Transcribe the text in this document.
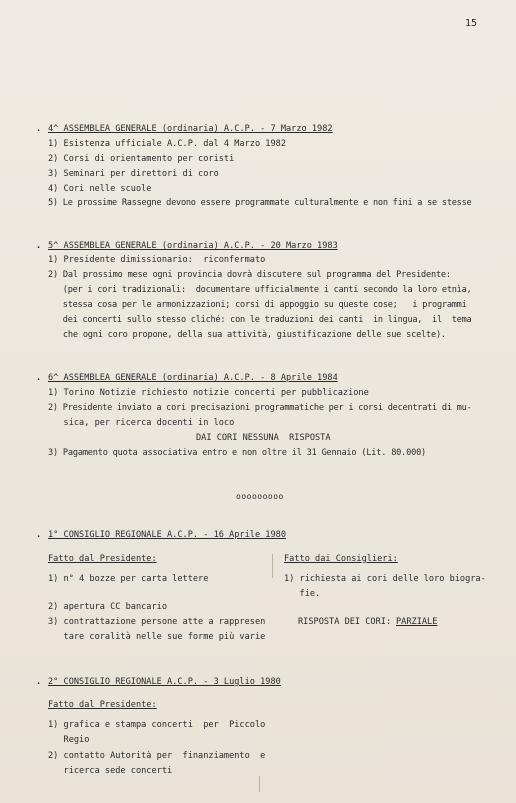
15
. 4^ ASSEMBLEA GENERALE (ordinaria) A.C.P. - 7 Marzo 1982
1) Esistenza ufficiale A.C.P. dal 4 Marzo 1982
2) Corsi di orientamento per coristi
3) Seminari per direttori di coro
4) Cori nelle scuole
5) Le prossime Rassegne devono essere programmate culturalmente e non fini a se stesse
. 5^ ASSEMBLEA GENERALE (ordinaria) A.C.P. - 20 Marzo 1983
1) Presidente dimissionario:  riconfermato
2) Dal prossimo mese ogni provincia dovrà discutere sul programma del Presidente:
(per i cori tradizionali:  documentare ufficialmente i canti secondo la loro etnìa,
stessa cosa per le armonizzazioni; corsi di appoggio su queste cose;   i programmi
dei concerti sullo stesso cliché: con le traduzioni dei canti  in lingua,  il  tema
che ogni coro propone, della sua attività, giustificazione delle sue scelte).
. 6^ ASSEMBLEA GENERALE (ordinaria) A.C.P. - 8 Aprile 1984
1) Torino Notizie richiesto notizie concerti per pubblicazione
2) Presidente inviato a cori precisazioni programmatiche per i corsi decentrati di mu-
sica, per ricerca docenti in loco
DAI CORI NESSUNA  RISPOSTA
3) Pagamento quota associativa entro e non oltre il 31 Gennaio (Lit. 80.000)
ooooooooo
. 1° CONSIGLIO REGIONALE A.C.P. - 16 Aprile 1980
Fatto dal Presidente:
1) n° 4 bozze per carta lettere
2) apertura CC bancario
3) contrattazione persone atte a rappresen
tare coralità nelle sue forme più varie
Fatto dai Consiglieri:
1) richiesta ai cori delle loro biogra-
fie.
RISPOSTA DEI CORI: PARZIALE
. 2° CONSIGLIO REGIONALE A.C.P. - 3 Luglio 1980
Fatto dal Presidente:
1) grafica e stampa concerti  per  Piccolo
Regio
2) contatto Autorità per  finanziamento  e
ricerca sede concerti
